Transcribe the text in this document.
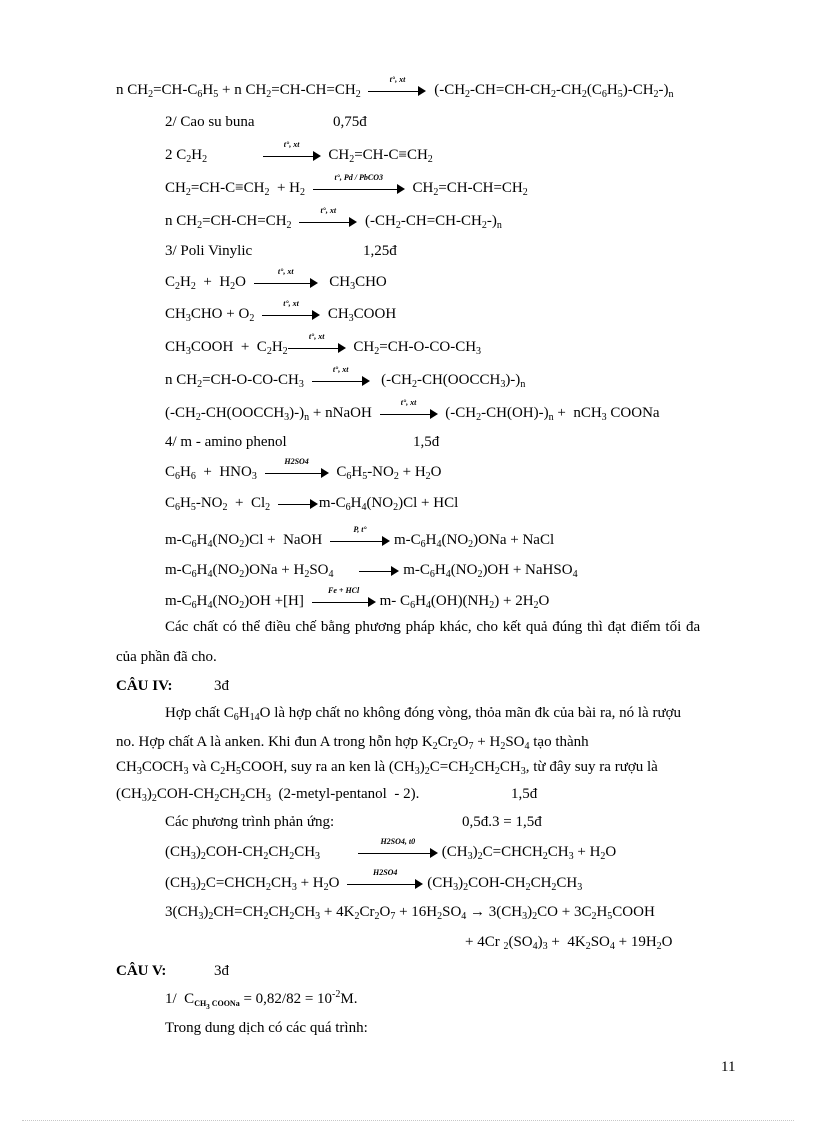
n $CH_2=CH-C_6H_5 + n$ $CH_2=CH-CH=CH_2$
t°, xt
$(-CH_2-CH=CH-CH_2-CH_2(C_6H_5)-CH_2-)_n$
2/ Cao su buna	0,75đ
2 $C_2H_2$
t°, xt
$CH_2=CH-C\equiv CH_2$
$CH_2=CH-C\equiv CH_2 + H_2$
t°, Pd / PbCO3
$CH_2=CH-CH=CH_2$
n $CH_2=CH-CH=CH_2$
t°, xt
$(-CH_2-CH=CH-CH_2-)_n$
3/ Poli Vinylic	1,25đ
$C_2H_2 + H_2O$
t°, xt
$CH_3CHO$
$CH_3CHO + O_2$
t°, xt
$CH_3COOH$
$CH_3COOH + C_2H_2$
t°, xt
$CH_2=CH-O-CO-CH_3$
n $CH_2=CH-O-CO-CH_3$
t°, xt
$(-CH_2-CH(OOCCH_3)-)_n$
$(-CH_2-CH(OOCCH_3)-)_n$ + nNaOH
t°, xt
$(-CH_2-CH(OH)-)_n + nCH_3$ COONa
4/ m - amino phenol	1,5đ
$C_6H_6 + HNO_3$
H2SO4
$C_6H_5-NO_2 + H_2O$
$C_6H_5-NO_2 + Cl_2$	$m-C_6H_4(NO_2)Cl$ + HCl
$m-C_6H_4(NO_2)Cl$ +  NaOH
P, t°
$m-C_6H_4(NO_2)ONa$ + NaCl
$m-C_6H_4(NO_2)ONa + H_2SO_4$	$m-C_6H_4(NO_2)OH$ + NaHSO$_4$
$m-C_6H_4(NO_2)OH +[H]$
Fe + HCl
m- $C_6H_4(OH)(NH_2) + 2H_2O$
Các chất có thể điều chế bằng phương pháp khác, cho kết quả đúng thì đạt điểm tối đa
của phần đã cho.
CÂU IV:	3đ
Hợp chất $C_6H_{14}O$ là hợp chất no không đóng vòng, thỏa mãn đk của bài ra, nó là rượu
no. Hợp chất A là anken. Khi đun A trong hỗn hợp $K_2Cr_2O_7 + H_2SO_4$ tạo thành
$CH_3COCH_3$ và $C_2H_5COOH$, suy ra an ken là $(CH_3)_2C=CH_2CH_2CH_3$, từ đây suy ra rượu là
$(CH_3)_2COH-CH_2CH_2CH_3$  (2-metyl-pentanol  - 2).	1,5đ
Các phương trình phản ứng:	0,5đ.3 = 1,5đ
$(CH_3)_2COH-CH_2CH_2CH_3$
H2SO4, t0
$(CH_3)_2C=CHCH_2CH_3 + H_2O$
$(CH_3)_2C=CHCH_2CH_3 + H_2O$
H2SO4
$(CH_3)_2COH-CH_2CH_2CH_3$
$3(CH_3)_2CH=CH_2CH_2CH_3 + 4K_2Cr_2O_7 + 16H_2SO_4 \to 3(CH_3)_2CO$ + $3C_2H_5COOH$
+ 4Cr $_2(SO_4)_3 + 4K_2SO_4 + 19H_2O$
CÂU V:	3đ
1/  $C_{CH_3 COONa} = 0,82/82 = 10^{-2}M$.
Trong dung dịch có các quá trình:
11
